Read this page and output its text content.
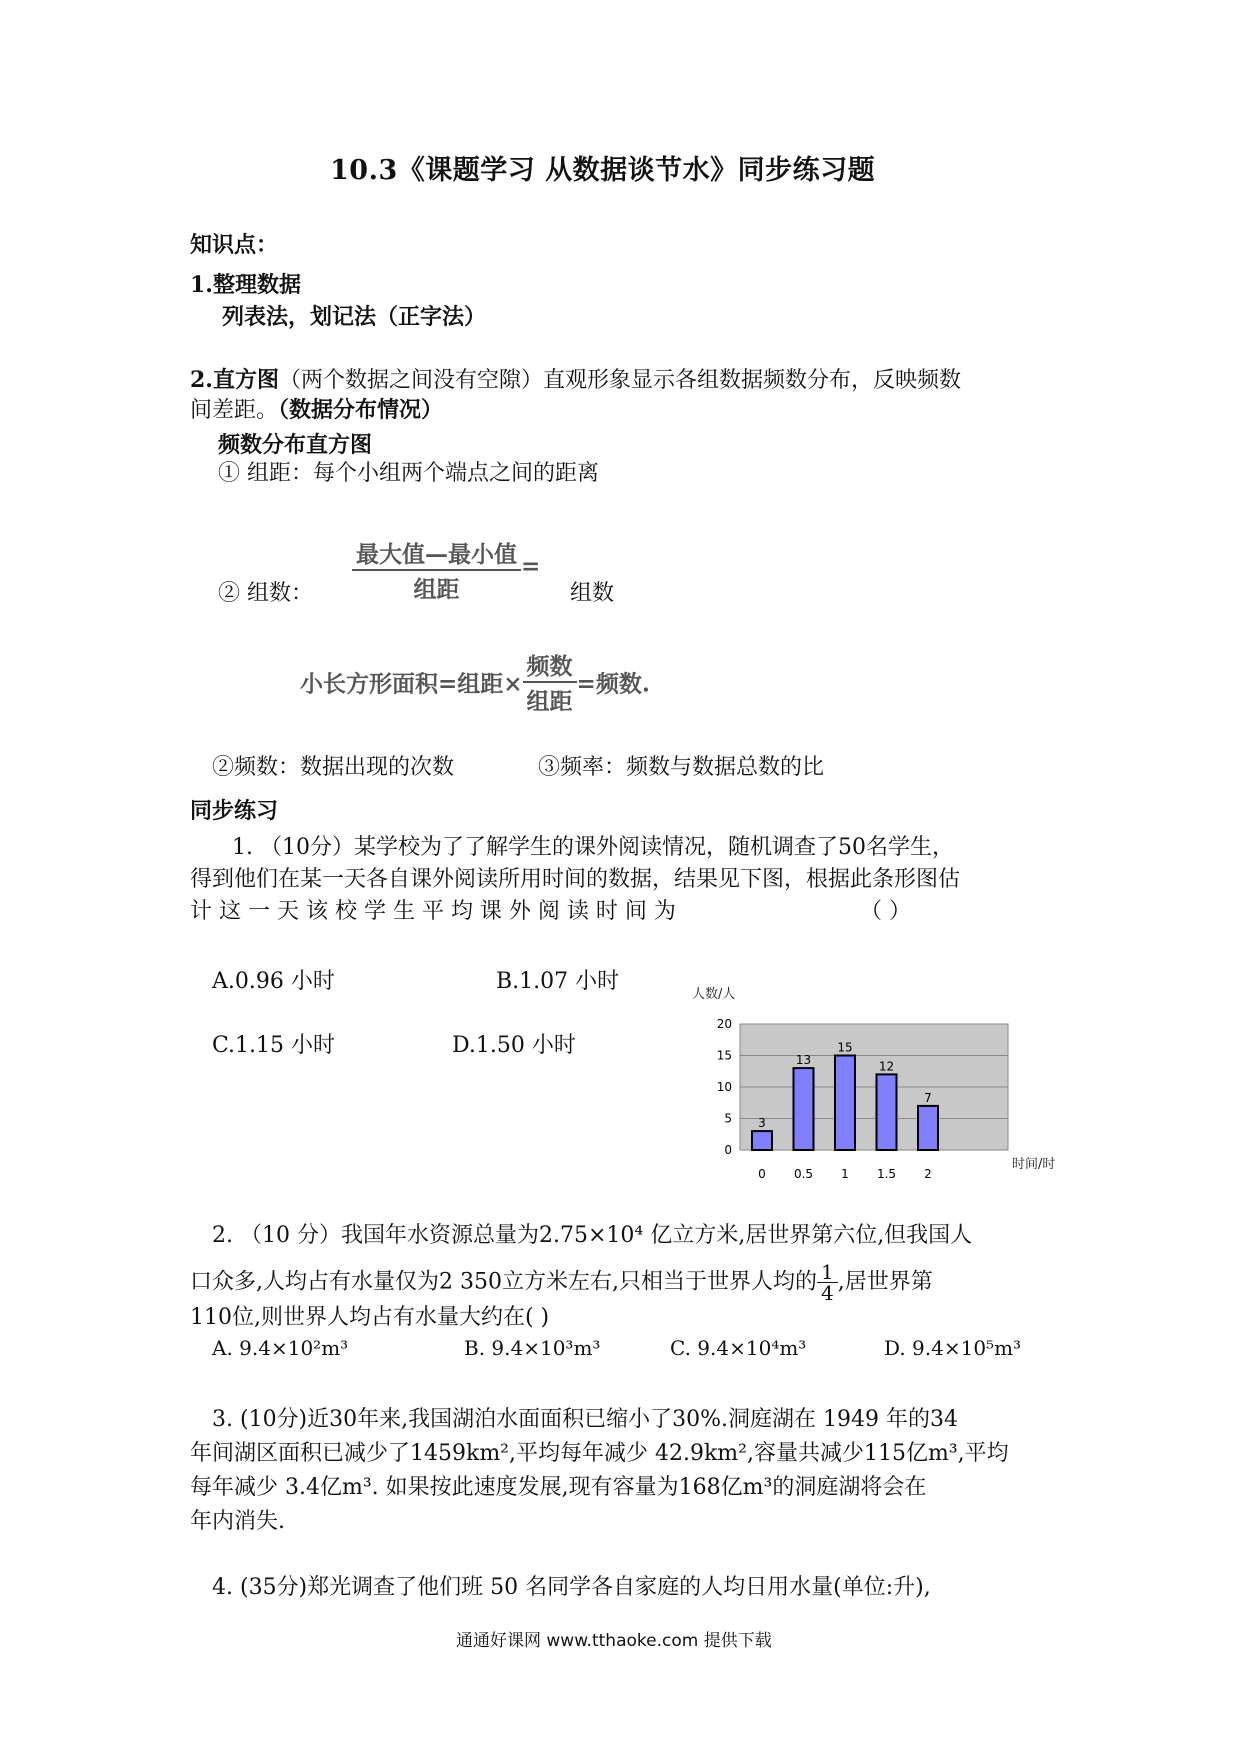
10.3《课题学习 从数据谈节水》同步练习题
知识点：
1.整理数据
列表法，划记法（正字法）
2.直方图（两个数据之间没有空隙）直观形象显示各组数据频数分布，反映频数
间差距。（数据分布情况）
频数分布直方图
① 组距：每个小组两个端点之间的距离
$\frac{\text{最大值—最小值}}{\text{组距}}$ =
② 组数：	组数
小长方形面积=组距× $\frac{\text{频数}}{\text{组距}}$ =频数.
②频数：数据出现的次数	③频率：频数与数据总数的比
同步练习
1. （10分）某学校为了了解学生的课外阅读情况，随机调查了50名学生，
得到他们在某一天各自课外阅读所用时间的数据，结果见下图，根据此条形图估
计 这 一 天 该 校 学 生 平 均 课 外 阅 读 时 间 为	（ ）
A.0.96 小时	B.1.07 小时
C.1.15 小时	D.1.50 小时
人数/人
0
5
10
15
20
3
13
15
12
7
0 0.5 1 1.5 2
时间/时
2. （10 分）我国年水资源总量为2.75×10⁴ 亿立方米,居世界第六位,但我国人
口众多,人均占有水量仅为2 350立方米左右,只相当于世界人均的 $\frac{1}{4}$ ,居世界第
110位,则世界人均占有水量大约在( )
A. 9.4×10²m³	B. 9.4×10³m³	C. 9.4×10⁴m³	D. 9.4×10⁵m³
3. (10分)近30年来,我国湖泊水面面积已缩小了30%.洞庭湖在 1949 年的34
年间湖区面积已减少了1459km²,平均每年减少 42.9km²,容量共减少115亿m³,平均
每年减少 3.4亿m³. 如果按此速度发展,现有容量为168亿m³的洞庭湖将会在
年内消失.
4. (35分)郑光调查了他们班 50 名同学各自家庭的人均日用水量(单位:升),
通通好课网 www.tthaoke.com 提供下载
